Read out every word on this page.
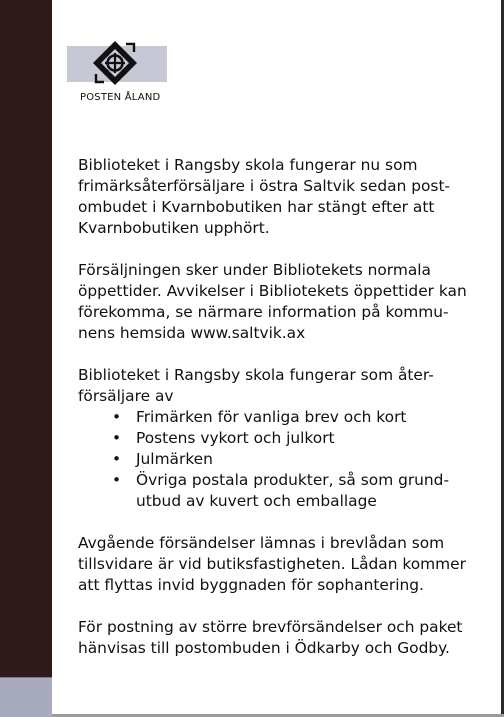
POSTEN ÅLAND
Biblioteket i Rangsby skola fungerar nu som
frimärksåterförsäljare i östra Saltvik sedan post-
ombudet i Kvarnbobutiken har stängt efter att
Kvarnbobutiken upphört.
Försäljningen sker under Bibliotekets normala
öppettider. Avvikelser i Bibliotekets öppettider kan
förekomma, se närmare information på kommu-
nens hemsida www.saltvik.ax
Biblioteket i Rangsby skola fungerar som åter-
försäljare av
• Frimärken för vanliga brev och kort
• Postens vykort och julkort
• Julmärken
• Övriga postala produkter, så som grund-
utbud av kuvert och emballage
Avgående försändelser lämnas i brevlådan som
tillsvidare är vid butiksfastigheten. Lådan kommer
att flyttas invid byggnaden för sophantering.
För postning av större brevförsändelser och paket
hänvisas till postombuden i Ödkarby och Godby.
